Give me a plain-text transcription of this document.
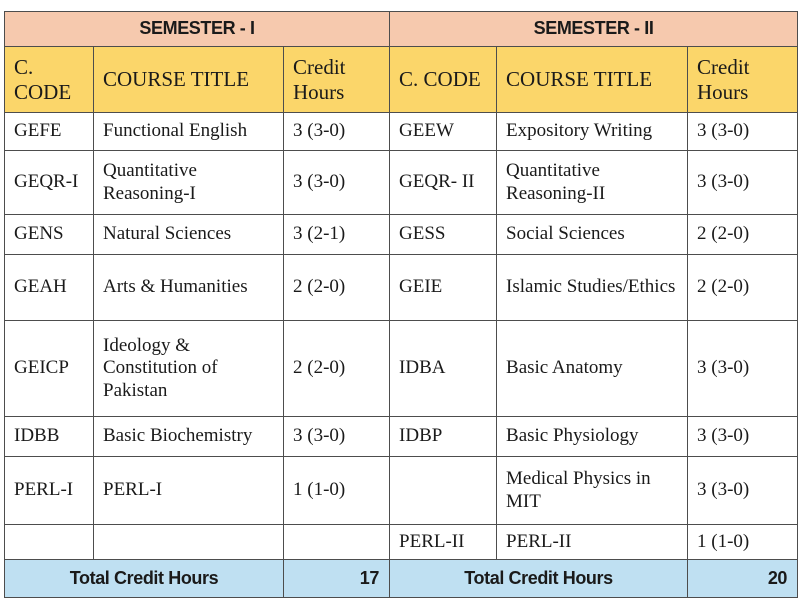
SEMESTER - I			SEMESTER - II		
C. CODE	COURSE TITLE	Credit Hours	C. CODE	COURSE TITLE	Credit Hours
GEFE	Functional English	3 (3-0)	GEEW	Expository Writing	3 (3-0)
GEQR-I	Quantitative Reasoning-I	3 (3-0)	GEQR- II	Quantitative Reasoning-II	3 (3-0)
GENS	Natural Sciences	3 (2-1)	GESS	Social Sciences	2 (2-0)
GEAH	Arts & Humanities	2 (2-0)	GEIE	Islamic Studies/Ethics	2 (2-0)
GEICP	Ideology & Constitution of Pakistan	2 (2-0)	IDBA	Basic Anatomy	3 (3-0)
IDBB	Basic Biochemistry	3 (3-0)	IDBP	Basic Physiology	3 (3-0)
PERL-I	PERL-I	1 (1-0)		Medical Physics in MIT	3 (3-0)
			PERL-II	PERL-II	1 (1-0)
Total Credit Hours		17	Total Credit Hours		20
